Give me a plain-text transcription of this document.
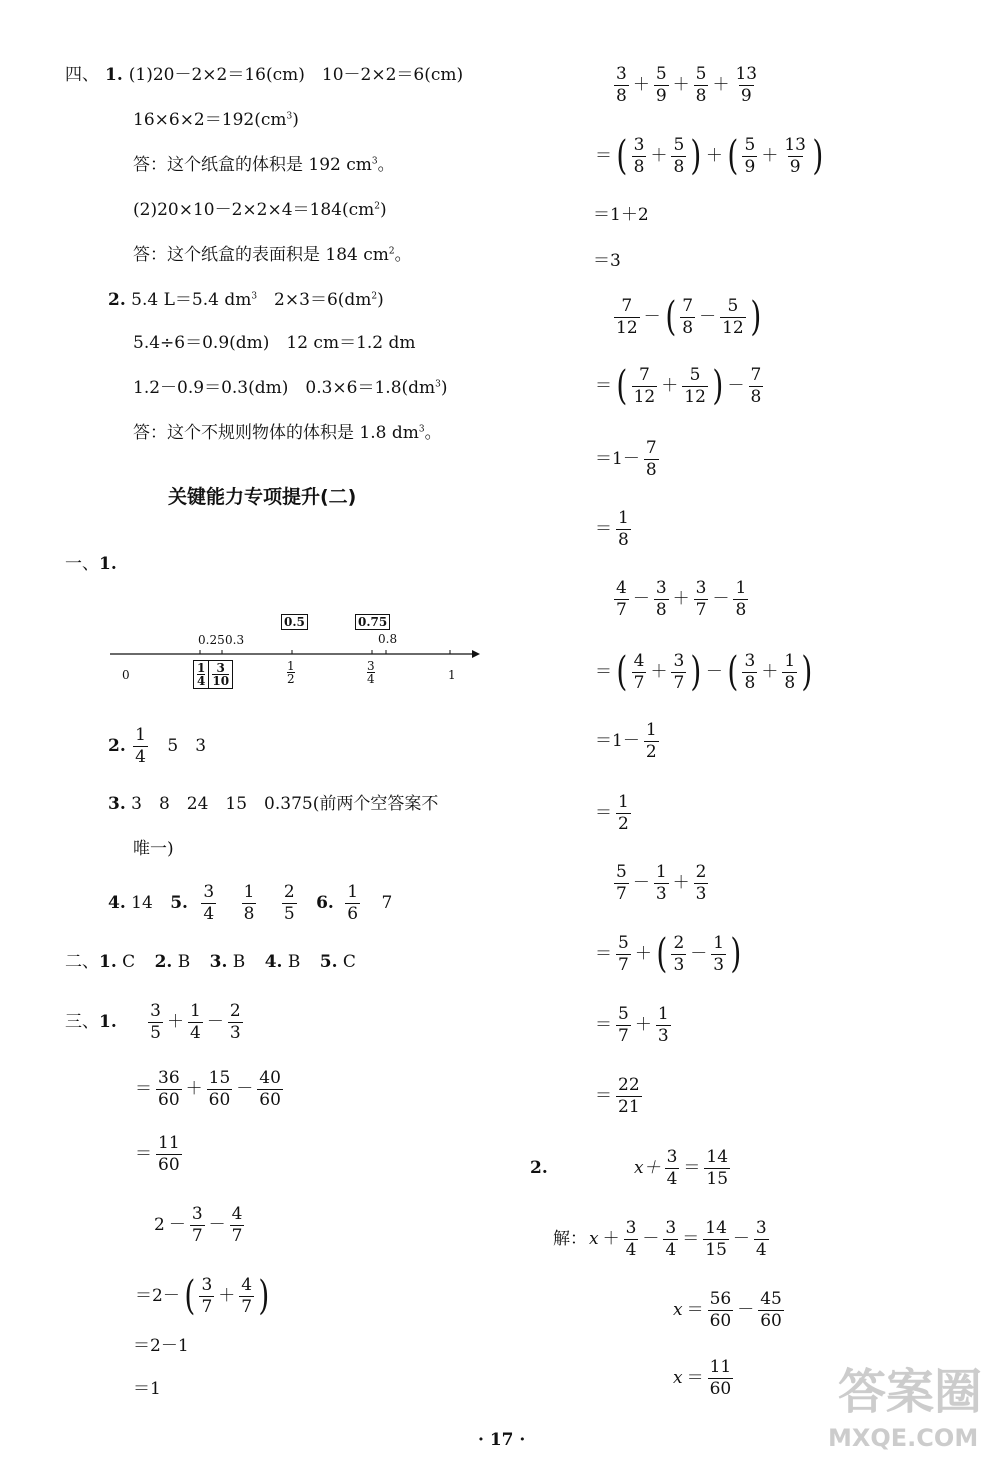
四、 1. (1)20－2×2＝16(cm)　10－2×2＝6(cm)
$16\times 6\times 2=192(cm^3)$
答：这个纸盒的体积是 192 $cm^3$。
$(2)20\times 10-2\times 2\times 4=184(cm^2)$
答：这个纸盒的表面积是 184 $cm^2$。
2. 5.4 L＝5.4 $dm^3$　$2\times 3=6(dm^2)$
5.4÷6＝0.9(dm)　12 cm＝1.2 dm
1.2－0.9＝0.3(dm)　$0.3\times 6=1.8(dm^3)$
答：这个不规则物体的体积是 1.8 $dm^3$。
关键能力专项提升(二)
一、1.
0	1
0.25 0.3	0.8
0.5	0.75
1
4
3
10
1
2
3
4
2. $\frac{1}{4} 5$　3
3. 3　8　24　15　0.375(前两个空答案不
唯一)
4. 14 5. $\frac{3}{4}$
$\frac{1}{8}$
$\frac{2}{5} 6$. $\frac{1}{6} 7$
二、1. C 2. B 3. B 4. B 5. C
三、1. $\frac{3}{5} + \frac{1}{4} - \frac{2}{3}$
＝ $\frac{36}{60} + \frac{15}{60} - \frac{40}{60}$
＝ $\frac{11}{60}$
$2 - \frac{3}{7} - \frac{4}{7}$
＝2－ ( $\frac{3}{7} + \frac{4}{7}$ )
＝2－1
＝1
$\frac{3}{8} + \frac{5}{9} + \frac{5}{8} + \frac{13}{9}$
＝ ( $\frac{3}{8} + \frac{5}{8}$ ) ＋ ( $\frac{5}{9} + \frac{13}{9}$ )
＝1＋2
＝3
$\frac{7}{12}$ － ( $\frac{7}{8} - \frac{5}{12}$ )
＝ ( $\frac{7}{12} + \frac{5}{12}$ ) － $\frac{7}{8}$
$=1- \frac{7}{8}$
＝ $\frac{1}{8}$
$\frac{4}{7} - \frac{3}{8} + \frac{3}{7} - \frac{1}{8}$
＝ ( $\frac{4}{7} + \frac{3}{7}$ ) － ( $\frac{3}{8} + \frac{1}{8}$ )
$=1- \frac{1}{2}$
＝ $\frac{1}{2}$
$\frac{5}{7} - \frac{1}{3} + \frac{2}{3}$
＝ $\frac{5}{7}$ ＋ ( $\frac{2}{3} - \frac{1}{3}$ )
＝ $\frac{5}{7} + \frac{1}{3}$
＝ $\frac{22}{21}$
2.	$x+ \frac{3}{4} = \frac{14}{15}$
解： $x + \frac{3}{4} - \frac{3}{4} = \frac{14}{15} - \frac{3}{4}$
$x = \frac{56}{60} - \frac{45}{60}$
$x = \frac{11}{60}$
· 17 ·
答案圈
MXQE.COM
